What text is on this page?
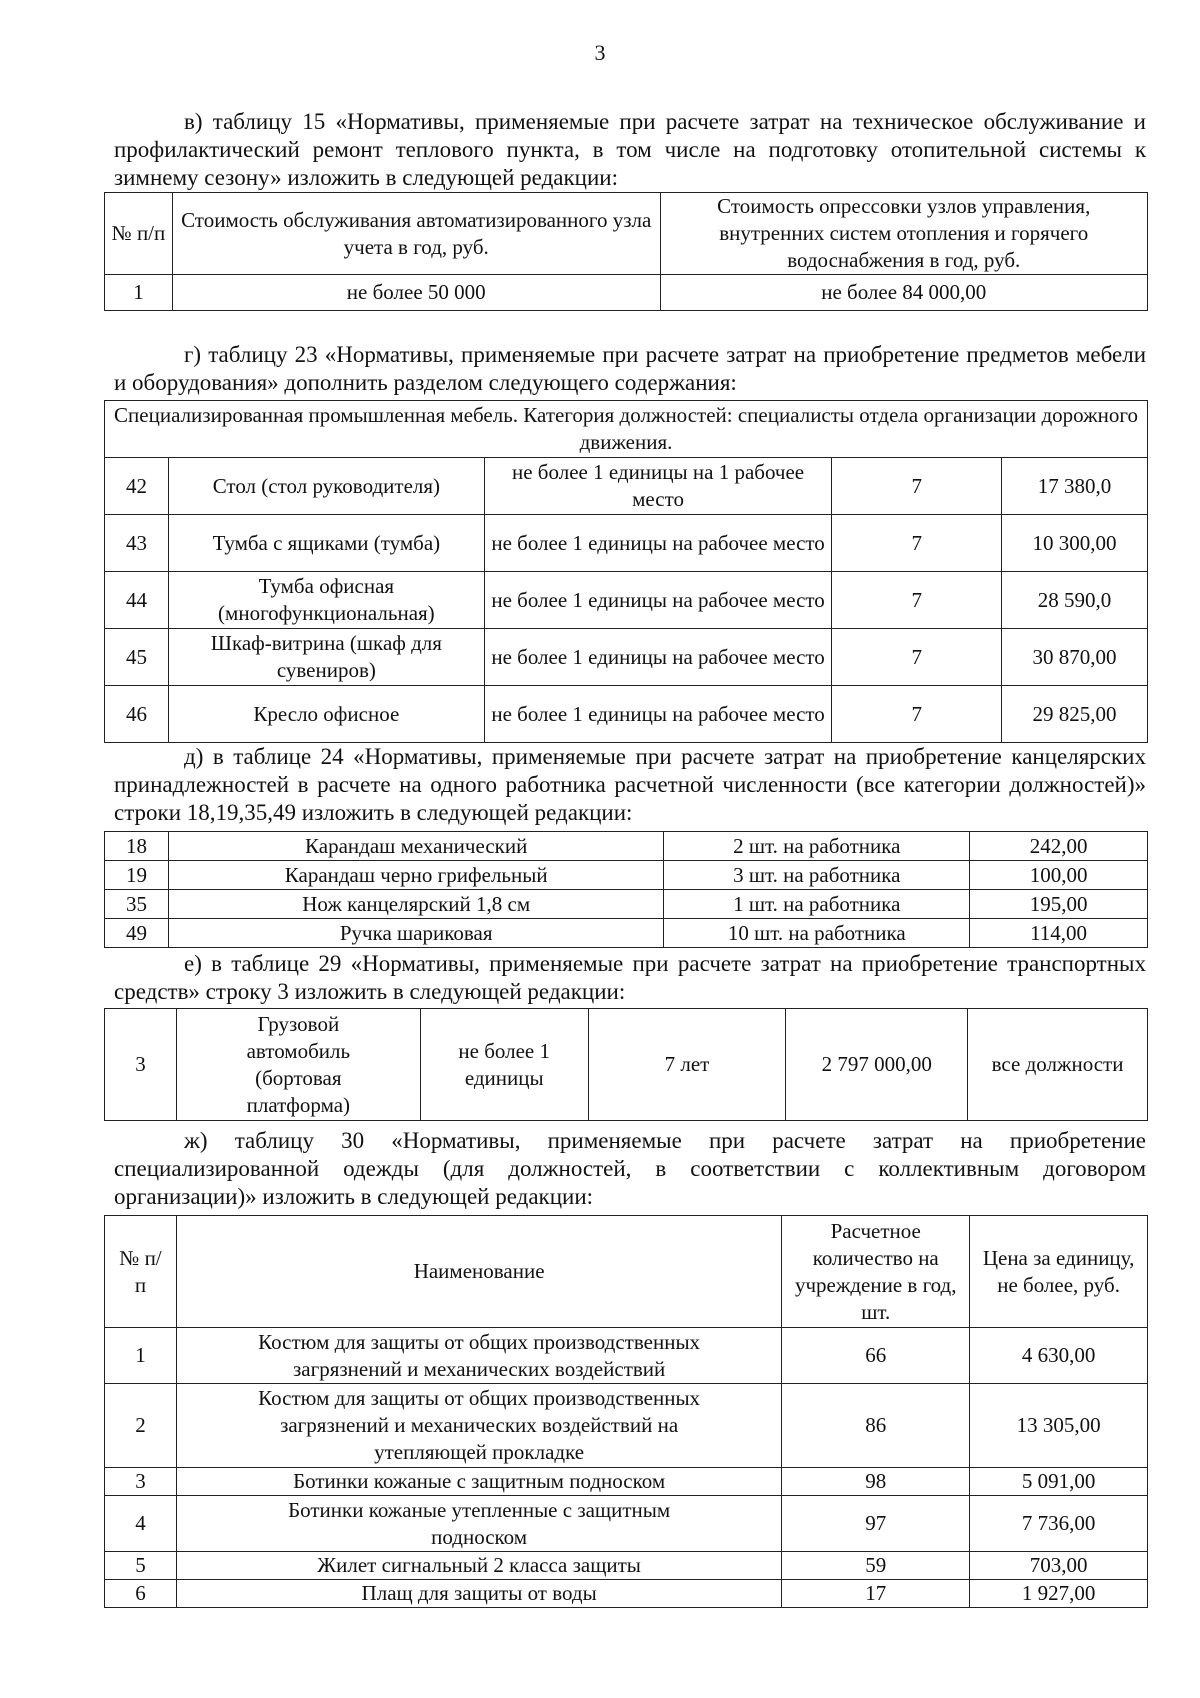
3
в) таблицу 15 «Нормативы, применяемые при расчете затрат на техническое обслуживание и профилактический ремонт теплового пункта, в том числе на подготовку отопительной системы к зимнему сезону» изложить в следующей редакции:
№ п/п	Стоимость обслуживания автоматизированного узла учета в год, руб.	Стоимость опрессовки узлов управления, внутренних систем отопления и горячего водоснабжения в год, руб.
1	не более 50 000	не более 84 000,00
г) таблицу 23 «Нормативы, применяемые при расчете затрат на приобретение предметов мебели и оборудования» дополнить разделом следующего содержания:
Специализированная промышленная мебель. Категория должностей: специалисты отдела организации дорожного движения.				
42	Стол (стол руководителя)	не более 1 единицы на 1 рабочее место	7	17 380,0
43	Тумба с ящиками (тумба)	не более 1 единицы на рабочее место	7	10 300,00
44	Тумба офисная (многофункциональная)	не более 1 единицы на рабочее место	7	28 590,0
45	Шкаф-витрина (шкаф для сувениров)	не более 1 единицы на рабочее место	7	30 870,00
46	Кресло офисное	не более 1 единицы на рабочее место	7	29 825,00
д) в таблице 24 «Нормативы, применяемые при расчете затрат на приобретение канцелярских принадлежностей в расчете на одного работника расчетной численности (все категории должностей)» строки 18,19,35,49 изложить в следующей редакции:
18	Карандаш механический	2 шт. на работника	242,00
19	Карандаш черно грифельный	3 шт. на работника	100,00
35	Нож канцелярский 1,8 см	1 шт. на работника	195,00
49	Ручка шариковая	10 шт. на работника	114,00
е) в таблице 29 «Нормативы, применяемые при расчете затрат на приобретение транспортных средств» строку 3 изложить в следующей редакции:
3	Грузовой автомобиль (бортовая платформа)	не более 1 единицы	7 лет	2 797 000,00	все должности
ж) таблицу 30 «Нормативы, применяемые при расчете затрат на приобретение специализированной одежды (для должностей, в соответствии с коллективным договором организации)» изложить в следующей редакции:
№ п/п	Наименование	Расчетное количество на учреждение в год, шт.	Цена за единицу, не более, руб.
1	Костюм для защиты от общих производственных загрязнений и механических воздействий	66	4 630,00
2	Костюм для защиты от общих производственных загрязнений и механических воздействий на утепляющей прокладке	86	13 305,00
3	Ботинки кожаные с защитным подноском	98	5 091,00
4	Ботинки кожаные утепленные с защитным подноском	97	7 736,00
5	Жилет сигнальный 2 класса защиты	59	703,00
6	Плащ для защиты от воды	17	1 927,00
